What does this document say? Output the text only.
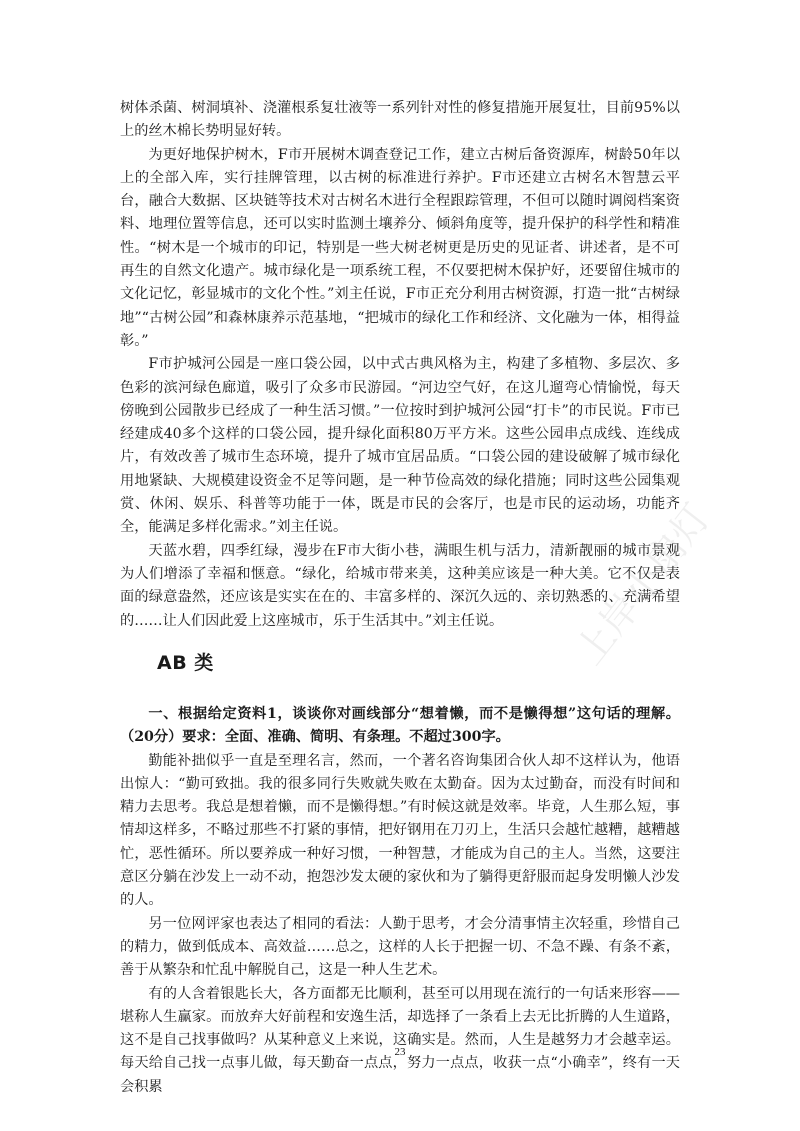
树体杀菌、树洞填补、浇灌根系复壮液等一系列针对性的修复措施开展复壮，目前95%以上的丝木棉长势明显好转。

为更好地保护树木，F市开展树木调查登记工作，建立古树后备资源库，树龄50年以上的全部入库，实行挂牌管理，以古树的标准进行养护。F市还建立古树名木智慧云平台，融合大数据、区块链等技术对古树名木进行全程跟踪管理，不但可以随时调阅档案资料、地理位置等信息，还可以实时监测土壤养分、倾斜角度等，提升保护的科学性和精准性。“树木是一个城市的印记，特别是一些大树老树更是历史的见证者、讲述者，是不可再生的自然文化遗产。城市绿化是一项系统工程，不仅要把树木保护好，还要留住城市的文化记忆，彰显城市的文化个性。”刘主任说，F市正充分利用古树资源，打造一批“古树绿地”“古树公园”和森林康养示范基地，“把城市的绿化工作和经济、文化融为一体，相得益彰。”

F市护城河公园是一座口袋公园，以中式古典风格为主，构建了多植物、多层次、多色彩的滨河绿色廊道，吸引了众多市民游园。“河边空气好，在这儿遛弯心情愉悦，每天傍晚到公园散步已经成了一种生活习惯。”一位按时到护城河公园“打卡”的市民说。F市已经建成40多个这样的口袋公园，提升绿化面积80万平方米。这些公园串点成线、连线成片，有效改善了城市生态环境，提升了城市宜居品质。“口袋公园的建设破解了城市绿化用地紧缺、大规模建设资金不足等问题，是一种节俭高效的绿化措施；同时这些公园集观赏、休闲、娱乐、科普等功能于一体，既是市民的会客厅，也是市民的运动场，功能齐全，能满足多样化需求。”刘主任说。

天蓝水碧，四季红绿，漫步在F市大街小巷，满眼生机与活力，清新靓丽的城市景观为人们增添了幸福和惬意。“绿化，给城市带来美，这种美应该是一种大美。它不仅是表面的绿意盎然，还应该是实实在在的、丰富多样的、深沉久远的、亲切熟悉的、充满希望的……让人们因此爱上这座城市，乐于生活其中。”刘主任说。

AB 类

一、根据给定资料1，谈谈你对画线部分“想着懒，而不是懒得想”这句话的理解。（20分）要求：全面、准确、简明、有条理。不超过300字。

勤能补拙似乎一直是至理名言，然而，一个著名咨询集团合伙人却不这样认为，他语出惊人：“勤可致拙。我的很多同行失败就失败在太勤奋。因为太过勤奋，而没有时间和精力去思考。我总是想着懒，而不是懒得想。”有时候这就是效率。毕竟，人生那么短，事情却这样多，不略过那些不打紧的事情，把好钢用在刀刃上，生活只会越忙越糟，越糟越忙，恶性循环。所以要养成一种好习惯，一种智慧，才能成为自己的主人。当然，这要注意区分躺在沙发上一动不动，抱怨沙发太硬的家伙和为了躺得更舒服而起身发明懒人沙发的人。

另一位网评家也表达了相同的看法：人勤于思考，才会分清事情主次轻重，珍惜自己的精力，做到低成本、高效益……总之，这样的人长于把握一切、不急不躁、有条不紊，善于从繁杂和忙乱中解脱自己，这是一种人生艺术。

有的人含着银匙长大，各方面都无比顺利，甚至可以用现在流行的一句话来形容——堪称人生赢家。而放弃大好前程和安逸生活，却选择了一条看上去无比折腾的人生道路，这不是自己找事做吗？从某种意义上来说，这确实是。然而，人生是越努力才会越幸运。每天给自己找一点事儿做，每天勤奋一点点，努力一点点，收获一点“小确幸”，终有一天会积累

上岸小扇灯
23
